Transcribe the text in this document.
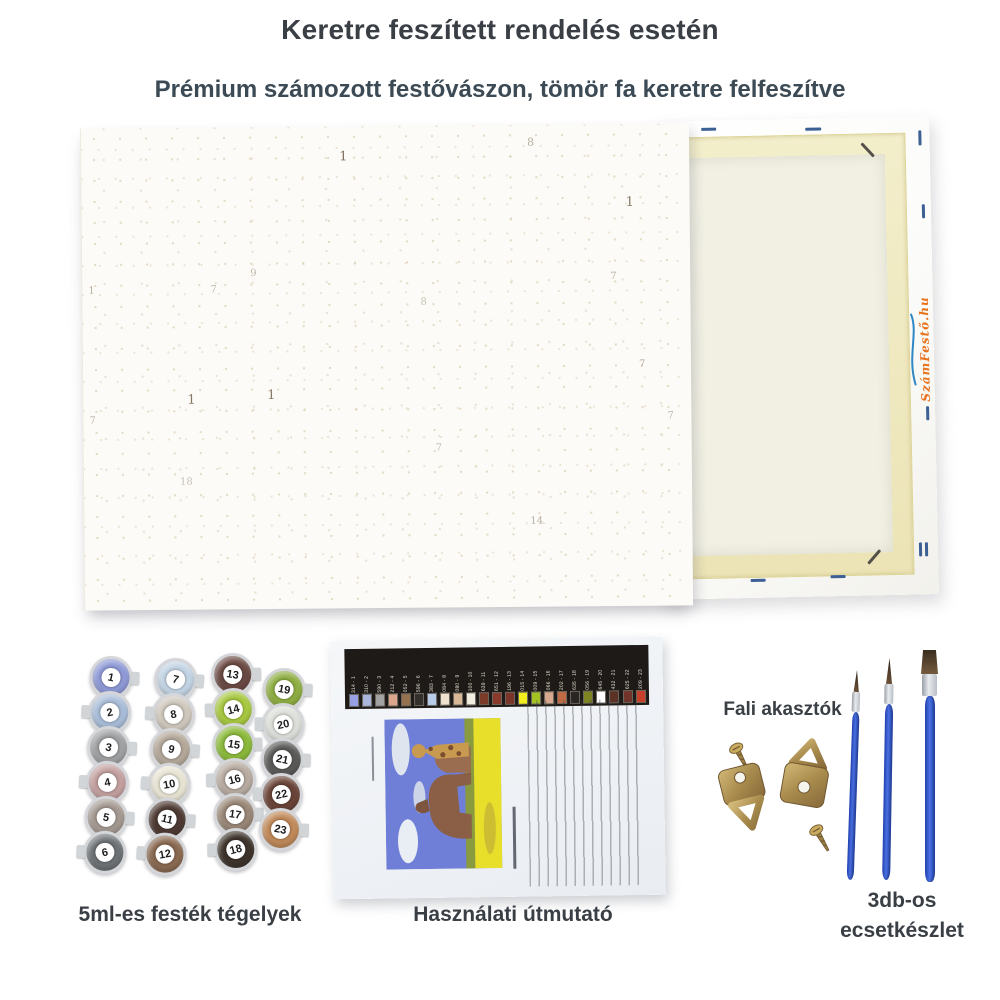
Keretre feszített rendelés esetén
Prémium számozott festővászon, tömör fa keretre felfeszítve
SzámFestő.hu
1
8
1
9
7
1
7
8
1	1
7
7
7
7
18
14
1
2
3
4
5
6
7
8
9
10
11
12
13
14
15
16
17
18
19
20
21
22
23
314 - 1 310 - 2 590 - 3 212 - 4 052 - 5 596 - 6 383 - 7 084 - 8 080 - 9 100 - 10 639 - 11 651 - 12 196 - 13 015 - 14 009 - 15 066 - 16 202 - 17 635 - 18 056 - 19 645 - 20 432 - 21 625 - 22 209 - 23
Fali akasztók
5ml-es festék tégelyek	Használati útmutató
3db-os ecsetkészlet
